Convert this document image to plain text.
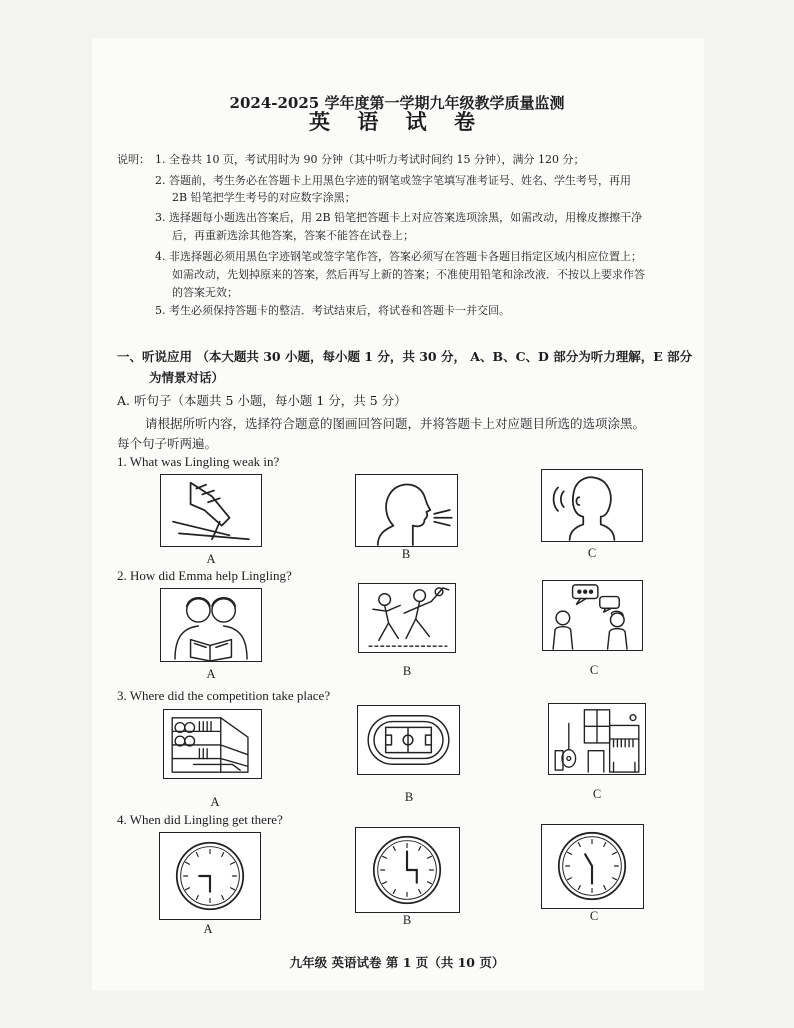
2024-2025 学年度第一学期九年级教学质量监测
英 语 试 卷
说明： 1. 全卷共 10 页，考试用时为 90 分钟（其中听力考试时间约 15 分钟），满分 120 分；
2. 答题前，考生务必在答题卡上用黑色字迹的钢笔或签字笔填写准考证号、姓名、学生考号，再用
2B 铅笔把学生考号的对应数字涂黑；
3. 选择题每小题选出答案后，用 2B 铅笔把答题卡上对应答案选项涂黑，如需改动，用橡皮擦擦干净
后，再重新选涂其他答案，答案不能答在试卷上；
4. 非选择题必须用黑色字迹钢笔或签字笔作答，答案必须写在答题卡各题目指定区域内相应位置上；
如需改动，先划掉原来的答案，然后再写上新的答案；不准使用铅笔和涂改液．不按以上要求作答
的答案无效；
5. 考生必须保持答题卡的整洁．考试结束后，将试卷和答题卡一并交回。
一、听说应用 （本大题共 30 小题，每小题 1 分，共 30 分， A、B、C、D 部分为听力理解，E 部分
为情景对话）
A. 听句子（本题共 5 小题，每小题 1 分，共 5 分）
请根据所听内容，选择符合题意的图画回答问题，并将答题卡上对应题目所选的选项涂黑。
每个句子听两遍。
1. What was Lingling weak in?
A	B	C
2. How did Emma help Lingling?
A	B	C
3. Where did the competition take place?
A	B	C
4. When did Lingling get there?
A
B	C
九年级 英语试卷 第 1 页（共 10 页）
